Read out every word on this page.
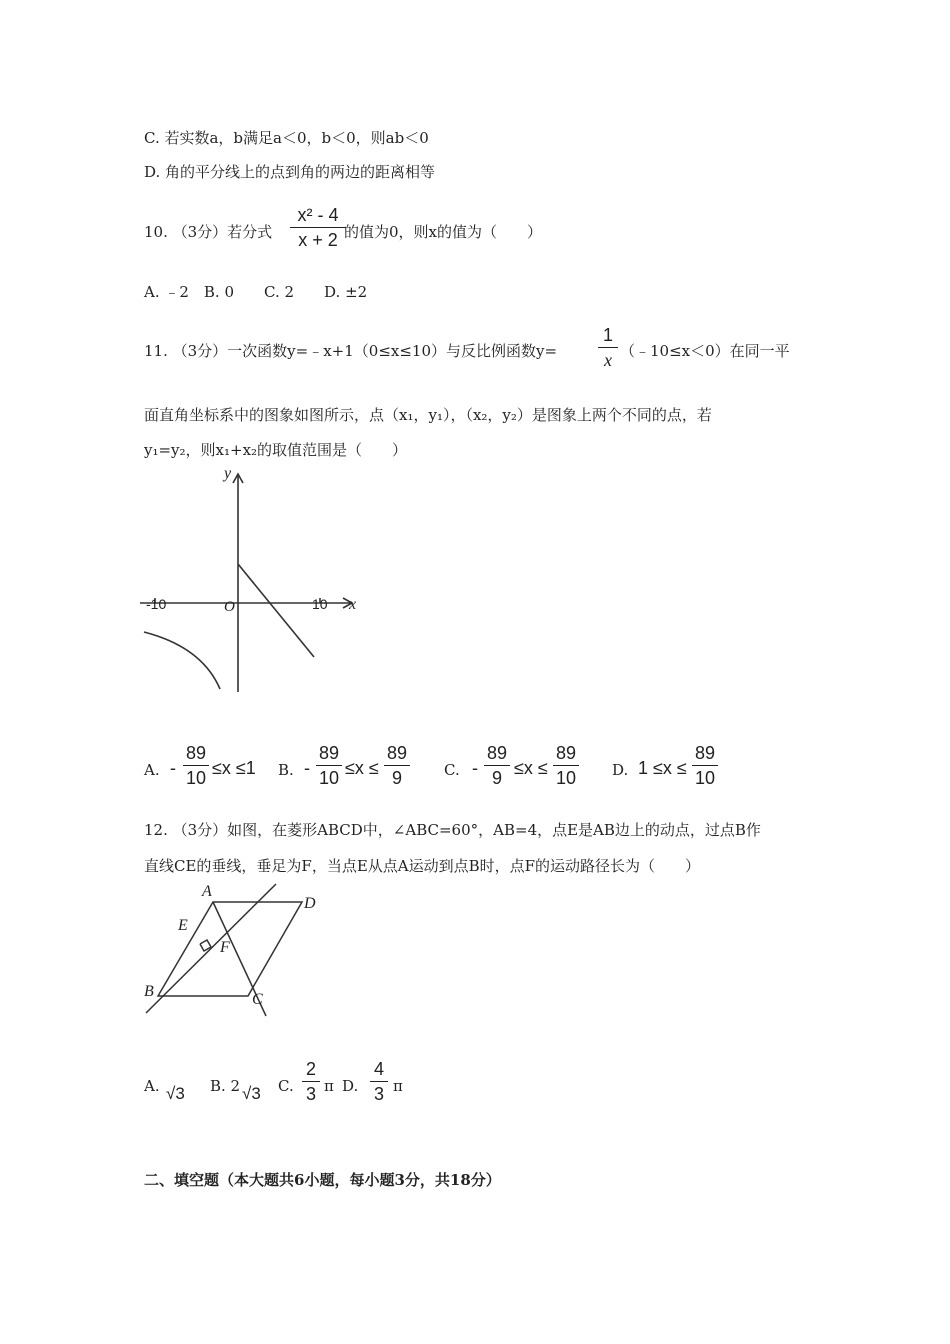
C. 若实数a，b满足a＜0，b＜0，则ab＜0
D. 角的平分线上的点到角的两边的距离相等
10. （3分）若分式
x² - 4
x + 2 的值为0，则x的值为（　　）
A. ﹣2　B. 0　　C. 2　　D. ±2
11. （3分）一次函数y=﹣x+1（0≤x≤10）与反比例函数y=
1
x （﹣10≤x＜0）在同一平
面直角坐标系中的图象如图所示，点（x₁，y₁），（x₂，y₂）是图象上两个不同的点，若
y₁=y₂，则x₁+x₂的取值范围是（　　）
y
x
O
-10	10
A. -
89
10 ≤x ≤1 B. -
89
10 ≤x ≤
89
9	C. -
89
9 ≤x ≤
89
10 D. 1 ≤x ≤
89
10
12. （3分）如图，在菱形ABCD中，∠ABC=60°，AB=4，点E是AB边上的动点，过点B作
直线CE的垂线，垂足为F，当点E从点A运动到点B时，点F的运动路径长为（　　）
A
D
E
F
B	C
A. √3 B. 2 √3 C.
2
3 π D.
4
3 π
二、填空题（本大题共6小题，每小题3分，共18分）
